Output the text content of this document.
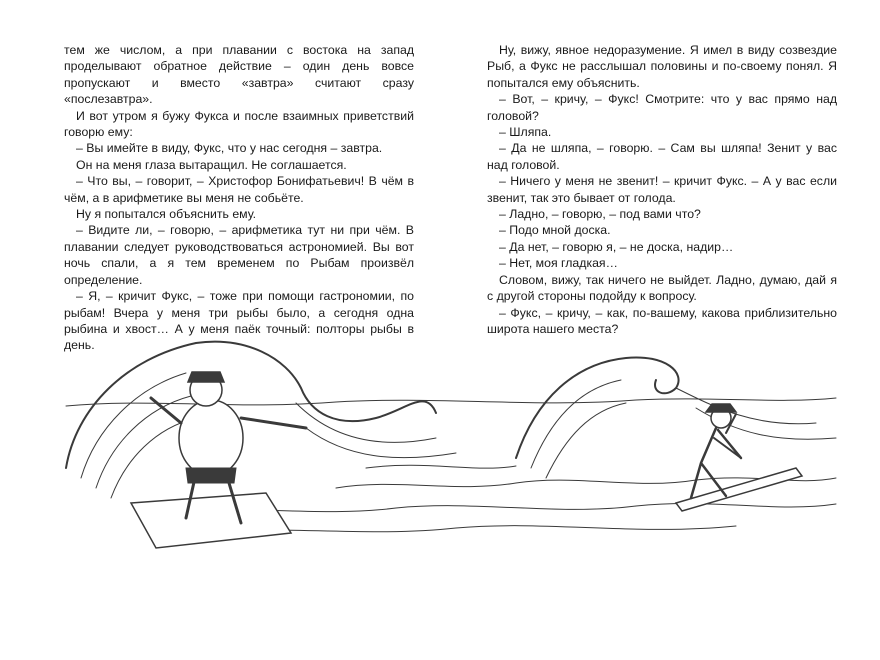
тем же числом, а при плавании с востока на запад проделывают обратное действие – один день вовсе пропускают и вместо «завтра» считают сразу «послезавтра».

И вот утром я бужу Фукса и после взаимных приветствий говорю ему:

– Вы имейте в виду, Фукс, что у нас сегодня – завтра.

Он на меня глаза вытаращил. Не соглашается.

– Что вы, – говорит, – Христофор Бонифатьевич! В чём в чём, а в арифметике вы меня не собьёте.

Ну я попытался объяснить ему.

– Видите ли, – говорю, – арифметика тут ни при чём. В плавании следует руководствоваться астрономией. Вы вот ночь спали, а я тем временем по Рыбам произвёл определение.

– Я, – кричит Фукс, – тоже при помощи гастрономии, по рыбам! Вчера у меня три рыбы было, а сегодня одна рыбина и хвост… А у меня паёк точный: полторы рыбы в день.

Ну, вижу, явное недоразумение. Я имел в виду созвездие Рыб, а Фукс не расслышал половины и по-своему понял. Я попытался ему объяснить.

– Вот, – кричу, – Фукс! Смотрите: что у вас прямо над головой?

– Шляпа.

– Да не шляпа, – говорю. – Сам вы шляпа! Зенит у вас над головой.

– Ничего у меня не звенит! – кричит Фукс. – А у вас если звенит, так это бывает от голода.

– Ладно, – говорю, – под вами что?

– Подо мной доска.

– Да нет, – говорю я, – не доска, надир…

– Нет, моя гладкая…

Словом, вижу, так ничего не выйдет. Ладно, думаю, дай я с другой стороны подойду к вопросу.

– Фукс, – кричу, – как, по-вашему, какова приблизительно широта нашего места?
